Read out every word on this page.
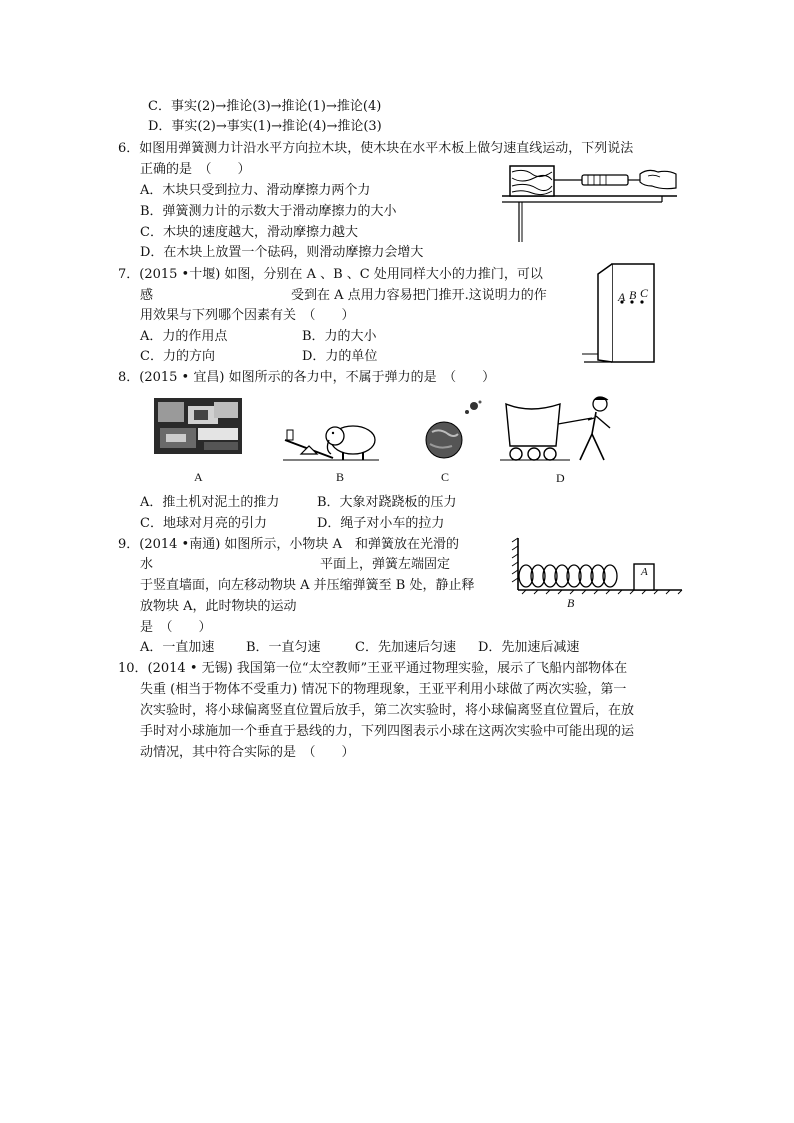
C．事实(2)→推论(3)→推论(1)→推论(4)
D．事实(2)→事实(1)→推论(4)→推论(3)
6．如图用弹簧测力计沿水平方向拉木块，使木块在水平木板上做匀速直线运动，下列说法
正确的是　（　　）
A．木块只受到拉力、滑动摩擦力两个力
B．弹簧测力计的示数大于滑动摩擦力的大小
C．木块的速度越大，滑动摩擦力越大
D．在木块上放置一个砝码，则滑动摩擦力会增大
7．(2015 •十堰) 如图，分别在 A 、B 、C 处用同样大小的力推门，可以
感	受到在 A 点用力容易把门推开.这说明力的作
用效果与下列哪个因素有关　（　　）
A．力的作用点	B．力的大小
C．力的方向	D．力的单位
A B C
8．(2015 • 宜昌) 如图所示的各力中，不属于弹力的是　（　　）
A	B	C	D
A．推土机对泥土的推力	B．大象对跷跷板的压力
C．地球对月亮的引力	D．绳子对小车的拉力
9．(2014 •南通) 如图所示，小物块 A　和弹簧放在光滑的
水	平面上，弹簧左端固定
于竖直墙面，向左移动物块 A 并压缩弹簧至 B 处，静止释
放物块 A，此时物块的运动
是　（　　）
A．一直加速 B．一直匀速	C．先加速后匀速 D．先加速后减速
A
B
10．(2014 • 无锡) 我国第一位“太空教师”王亚平通过物理实验，展示了飞船内部物体在
失重 (相当于物体不受重力) 情况下的物理现象，王亚平利用小球做了两次实验，第一
次实验时，将小球偏离竖直位置后放手，第二次实验时，将小球偏离竖直位置后，在放
手时对小球施加一个垂直于悬线的力，下列四图表示小球在这两次实验中可能出现的运
动情况，其中符合实际的是　（　　）
